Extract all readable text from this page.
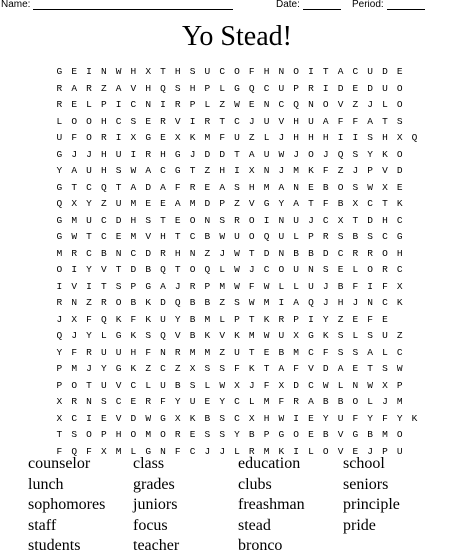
Name:	Date:	Period:
Yo Stead!
G E I N W H X T H S U C O F H N O I T A C U D E
R A R Z A V H Q S H P L G Q C U P R I D E D U O
R E L P I C N I R P L Z W E N C Q N O V Z J L O
L O O H C S E R V I R T C J U V H U A F F A T S
U F O R I X G E X K M F U Z L J H H H I I S H X Q
G J J H U I R H G J D D T A U W J O J Q S Y K O
Y A U H S W A C G T Z H I X N J M K F Z J P V D
G T C Q T A D A F R E A S H M A N E B O S W X E
Q X Y Z U M E E A M D P Z V G Y A T F B X C T K
G M U C D H S T E O N S R O I N U J C X T D H C
G W T C E M V H T C B W U O Q U L P R S B S C G
M R C B N C D R H N Z J W T D N B B D C R R O H
O I Y V T D B Q T O Q L W J C O U N S E L O R C
I V I T S P G A J R P M W F W L L U J B F I F X
R N Z R O B K D Q B B Z S W M I A Q J H J N C K
J X F Q K F K U Y B M L P T K R P I Y Z E F E
Q J Y L G K S Q V B K V K M W U X G K S L S U Z
Y F R U U H F N R M M Z U T E B M C F S S A L C
P M J Y G K Z C Z X S S F K T A F V D A E T S W
P O T U V C L U B S L W X J F X D C W L N W X P
X R N S C E R F Y U E Y C L M F R A B B O L J M
X C I E V D W G X K B S C X H W I E Y U F Y F Y K
T S O P H O M O R E S S Y B P G O E B V G B M O
F Q F X M L G N F C J J L R M K I L O V E J P U
counselor	class	education	school
lunch	grades	clubs	seniors
sophomores	juniors	freashman	principle
staff	focus	stead	pride
students	teacher	bronco
